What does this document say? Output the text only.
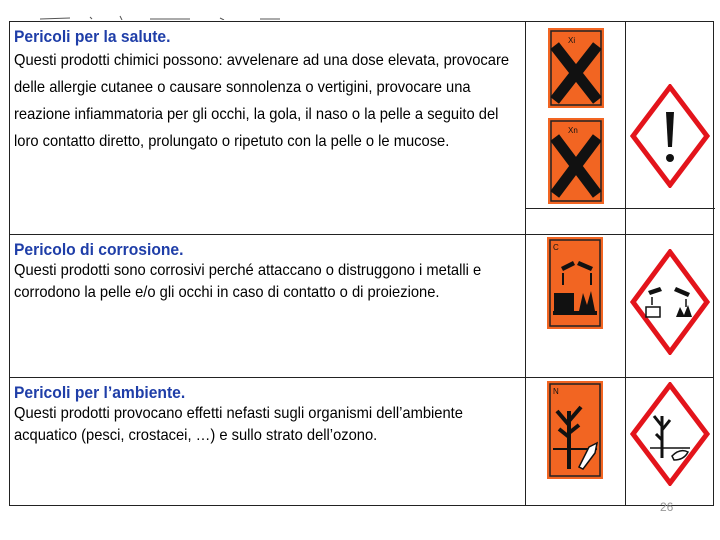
Pericoli per la salute.
Questi prodotti chimici possono: avvelenare ad una dose elevata, provocare delle allergie cutanee o causare sonnolenza o vertigini, provocare una reazione infiammatoria per gli occhi, la gola, il naso o la pelle a seguito del loro contatto diretto, prolungato o ripetuto con la pelle o le mucose.
Xi
Xn
Pericolo di corrosione.
Questi prodotti sono corrosivi perché attaccano o distruggono i metalli e corrodono la pelle e/o gli occhi in caso di contatto o di proiezione.
C
Pericoli per l’ambiente.
Questi prodotti provocano effetti nefasti sugli organismi dell’ambiente acquatico (pesci, crostacei, …) e sullo strato dell’ozono.
N
26
